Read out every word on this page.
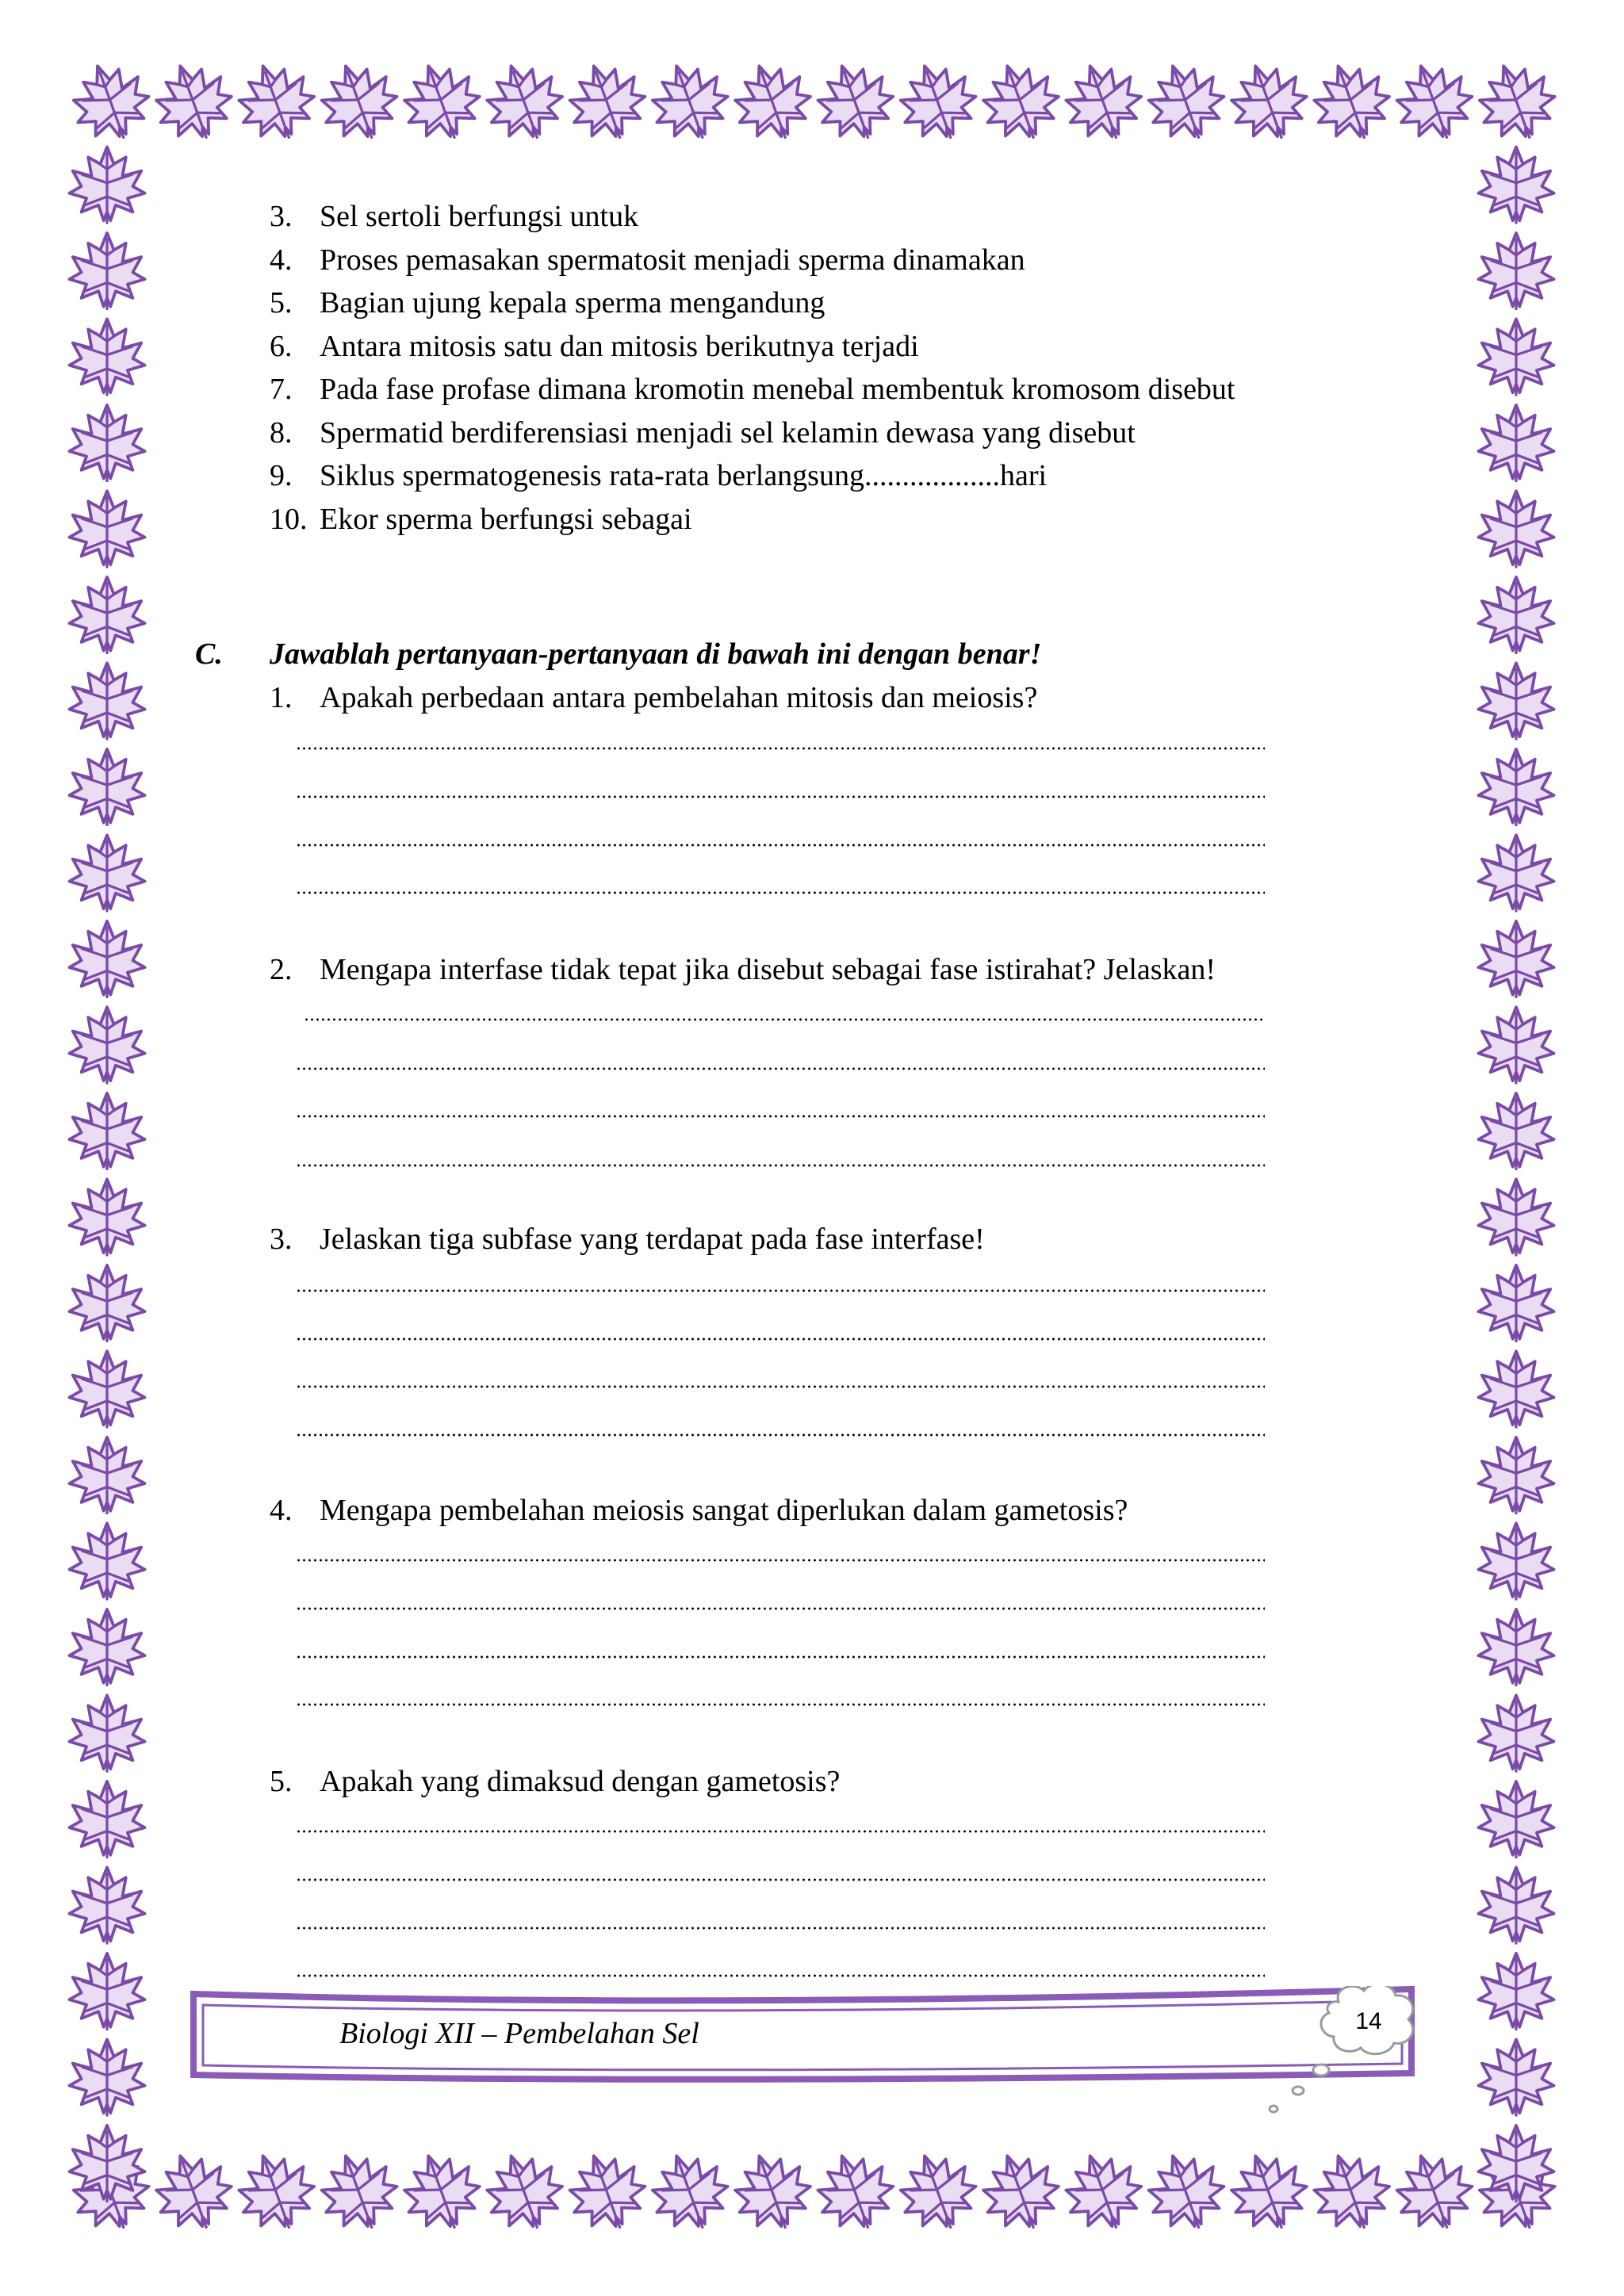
3. Sel sertoli berfungsi untuk
4. Proses pemasakan spermatosit menjadi sperma dinamakan
5. Bagian ujung kepala sperma mengandung
6. Antara mitosis satu dan mitosis berikutnya terjadi
7. Pada fase profase dimana kromotin menebal membentuk kromosom disebut
8. Spermatid berdiferensiasi menjadi sel kelamin dewasa yang disebut
9. Siklus spermatogenesis rata-rata berlangsung..................hari
10. Ekor sperma berfungsi sebagai
C. Jawablah pertanyaan-pertanyaan di bawah ini dengan benar!
1. Apakah perbedaan antara pembelahan mitosis dan meiosis?
2. Mengapa interfase tidak tepat jika disebut sebagai fase istirahat? Jelaskan!
3. Jelaskan tiga subfase yang terdapat pada fase interfase!
4. Mengapa pembelahan meiosis sangat diperlukan dalam gametosis?
5. Apakah yang dimaksud dengan gametosis?
Biologi XII – Pembelahan Sel	14
